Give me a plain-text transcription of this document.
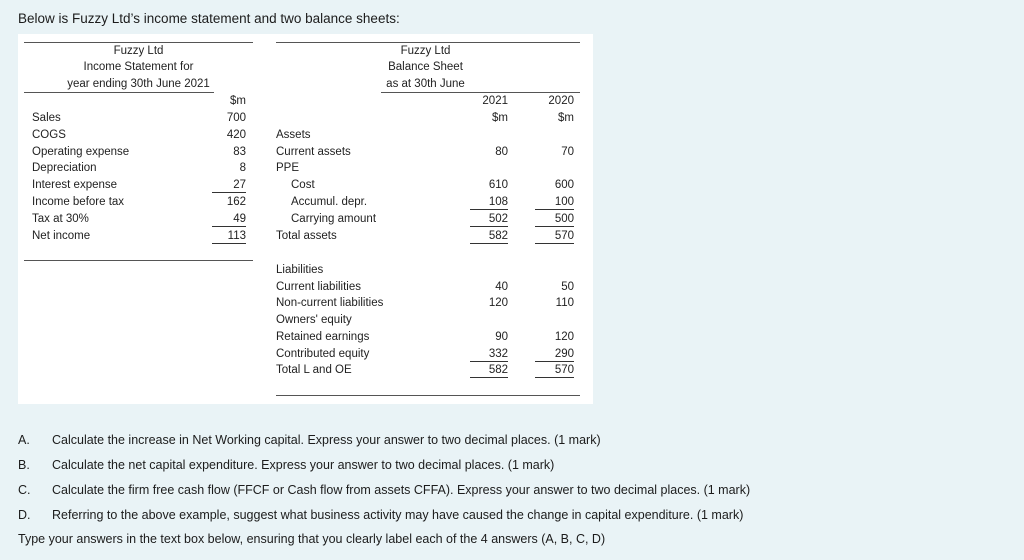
Below is Fuzzy Ltd’s income statement and two balance sheets:
Fuzzy Ltd
Income Statement for
year ending 30th June 2021
$m
Sales	700
COGS	420
Operating expense	83
Depreciation	8
Interest expense	27
Income before tax	162
Tax at 30%	49
Net income	113
Fuzzy Ltd
Balance Sheet
as at 30th June
2021	2020
$m	$m
Assets
Current assets	80	70
PPE
Cost	610	600
Accumul. depr.	108	100
Carrying amount	502	500
Total assets	582	570
Liabilities
Current liabilities	40	50
Non-current liabilities	120	110
Owners' equity
Retained earnings	90	120
Contributed equity	332	290
Total L and OE	582	570
A. Calculate the increase in Net Working capital. Express your answer to two decimal places. (1 mark)
B. Calculate the net capital expenditure. Express your answer to two decimal places. (1 mark)
C. Calculate the firm free cash flow (FFCF or Cash flow from assets CFFA). Express your answer to two decimal places. (1 mark)
D. Referring to the above example, suggest what business activity may have caused the change in capital expenditure. (1 mark)
Type your answers in the text box below, ensuring that you clearly label each of the 4 answers (A, B, C, D)
